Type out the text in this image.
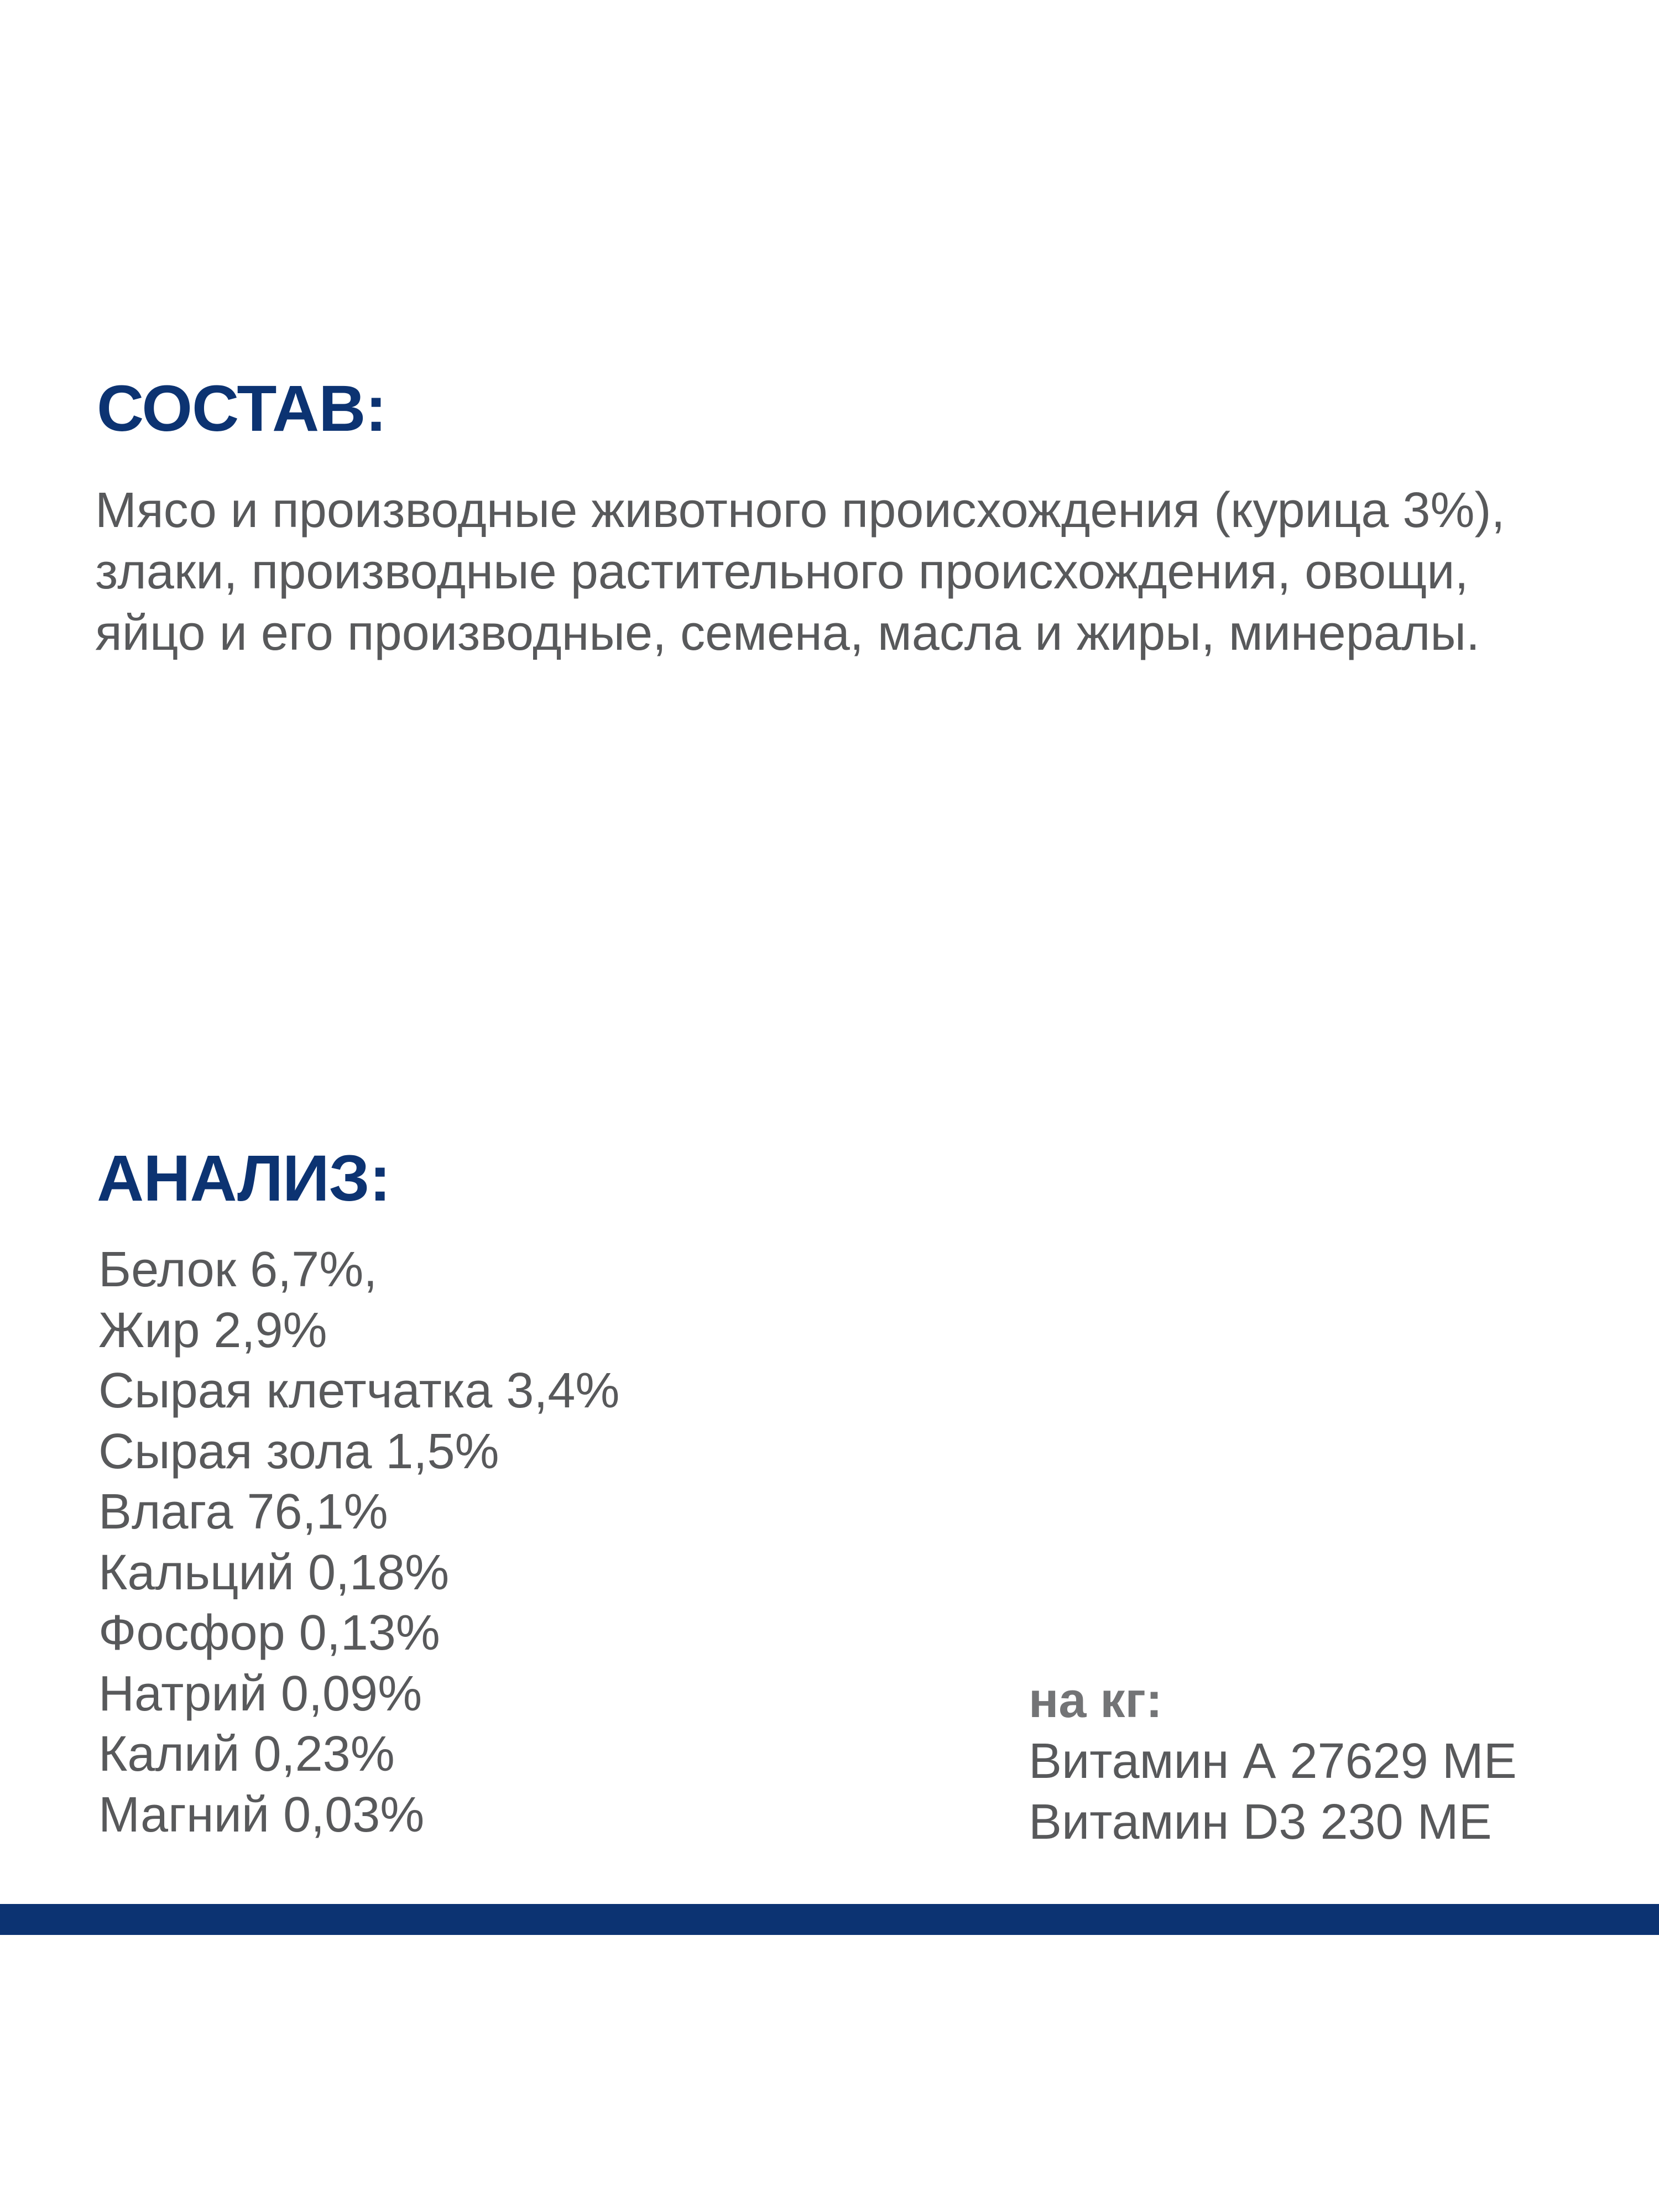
СОСТАВ:

Мясо и производные животного происхождения (курица 3%), злаки, производные растительного происхождения, овощи, яйцо и его производные, семена, масла и жиры, минералы.

АНАЛИЗ:
Белок 6,7%,
Жир 2,9%
Сырая клетчатка 3,4%
Сырая зола 1,5%
Влага 76,1%
Кальций 0,18%
Фосфор 0,13%
Натрий 0,09%
Калий 0,23%
Магний 0,03%
на кг:
Витамин А 27629 МЕ
Витамин D3 230 МЕ
